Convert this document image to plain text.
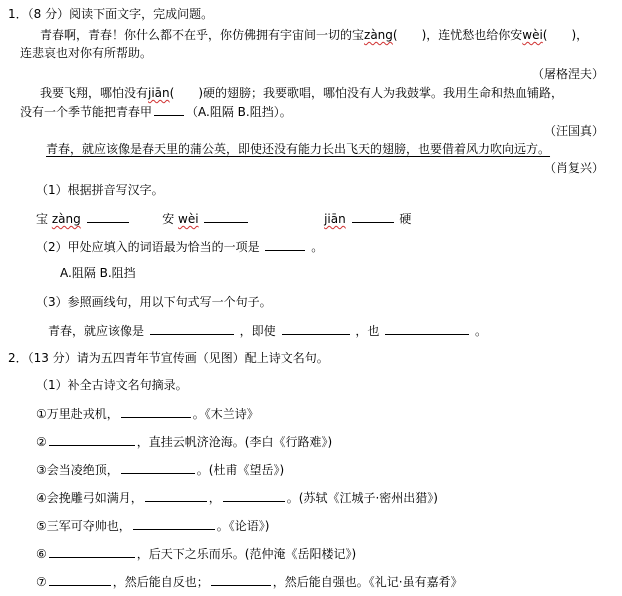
1．（8 分）阅读下面文字，完成问题。
青春啊，青春！你什么都不在乎，你仿佛拥有宇宙间一切的宝zàng(　　)，连忧愁也给你安wèi(　　)，
连悲哀也对你有所帮助。
（屠格涅夫）
我要飞翔，哪怕没有jiān(　　)硬的翅膀；我要歌唱，哪怕没有人为我鼓掌。我用生命和热血铺路，
没有一个季节能把青春甲	（A.阻隔 B.阻挡）。
（汪国真）
青春，就应该像是春天里的蒲公英，即使还没有能力长出飞天的翅膀，也要借着风力吹向远方。
（肖复兴）
（1）根据拼音写汉字。
宝 zàng	安 wèi	jiān	硬
（2）甲处应填入的词语最为恰当的一项是	。
A.阻隔 B.阻挡
（3）参照画线句，用以下句式写一个句子。
青春，就应该像是	，即使	，也	。
2．（13 分）请为五四青年节宣传画（见图）配上诗文名句。
（1）补全古诗文名句摘录。
①万里赴戎机，	。《木兰诗》
②	，直挂云帆济沧海。(李白《行路难》)
③会当凌绝顶，	。(杜甫《望岳》)
④会挽雕弓如满月，	，	。(苏轼《江城子·密州出猎》)
⑤三军可夺帅也，	。《论语》)
⑥	，后天下之乐而乐。(范仲淹《岳阳楼记》)
⑦	，然后能自反也；	，然后能自强也。《礼记·虽有嘉肴》
